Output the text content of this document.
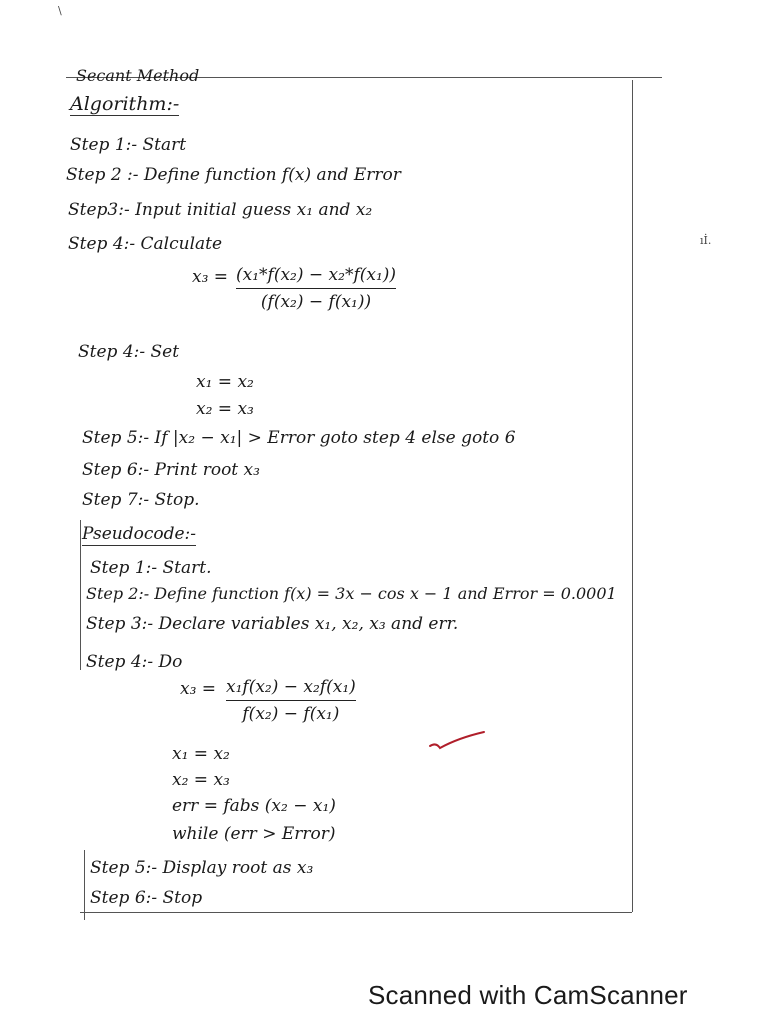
\
ıİ.
Secant Method
Algorithm:-
Step 1:- Start
Step 2 :- Define function f(x) and Error
Step3:- Input initial guess x₁ and x₂
Step 4:- Calculate
x₃ = (x₁*f(x₂) − x₂*f(x₁))
(f(x₂) − f(x₁))
Step 4:- Set
x₁ = x₂
x₂ = x₃
Step 5:- If |x₂ − x₁| > Error goto step 4 else goto 6
Step 6:- Print root x₃
Step 7:- Stop.
Pseudocode:-
Step 1:- Start.
Step 2:- Define function f(x) = 3x − cos x − 1 and Error = 0.0001
Step 3:- Declare variables x₁, x₂, x₃ and err.
Step 4:- Do
x₃ = x₁f(x₂) − x₂f(x₁)
f(x₂) − f(x₁)
x₁ = x₂
x₂ = x₃
err = fabs (x₂ − x₁)
while (err > Error)
Step 5:- Display root as x₃
Step 6:- Stop
Scanned with CamScanner
